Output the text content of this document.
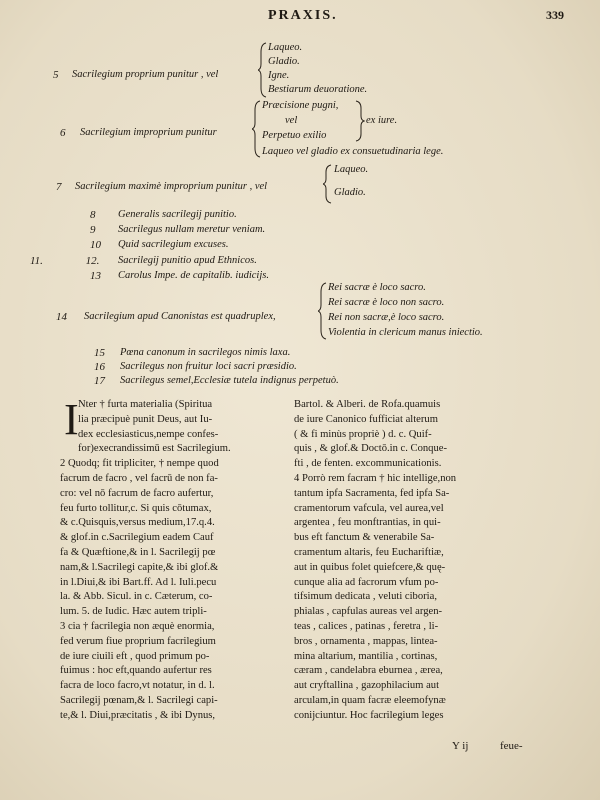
PRAXIS.	339
5 Sacrilegium proprium punitur , vel
Laqueo.
Gladio.
Igne.
Bestiarum deuoratione.
6 Sacrilegium improprium punitur
Præcisione pugni,
vel
Perpetuo exilio
Laqueo vel gladio ex consuetudinaria lege.
ex iure.
7 Sacrilegium maximè improprium punitur , vel
Laqueo.
Gladio.
8 Generalis sacrilegij punitio.
9 Sacrilegus nullam meretur veniam.
10 Quid sacrilegium excuses.
11. 12. Sacrilegij punitio apud Ethnicos.
13 Carolus Impe. de capitalib. iudicijs.
14 Sacrilegium apud Canonistas est quadruplex,
Rei sacræ è loco sacro.
Rei sacræ è loco non sacro.
Rei non sacræ,è loco sacro.
Violentia in clericum manus iniectio.
15 Pœna canonum in sacrilegos nimis laxa.
16 Sacrilegus non fruitur loci sacri præsidio.
17 Sacrilegus semel,Ecclesiæ tutela indignus perpetuò.
I Nter † furta materialia (Spiritua
lia præcipuè punit Deus, aut Iu-
dex ecclesiasticus,nempe confes-
for)execrandissimū est Sacrilegium.
2 Quodq; fit tripliciter, † nempe quod
facrum de facro , vel facrū de non fa-
cro: vel nō facrum de facro aufertur,
feu furto tollitur,c. Si quis cōtumax,
& c.Quisquis,versus medium,17.q.4.
& glof.in c.Sacrilegium eadem Cauf
fa & Quæftione,& in l. Sacrilegij pœ
nam,& l.Sacrilegi capite,& ibi glof.&
in l.Diui,& ibi Bart.ff. Ad l. Iuli.pecu
la. & Abb. Sicul. in c. Cæterum, co-
lum. 5. de Iudic. Hæc autem tripli-
3 cia † facrilegia non æquè enormia,
fed verum fiue proprium facrilegium
de iure ciuili eft , quod primum po-
fuimus : hoc eft,quando aufertur res
facra de loco facro,vt notatur, in d. l.
Sacrilegij pœnam,& l. Sacrilegi capi-
te,& l. Diui,præcitatis , & ibi Dynus,
Bartol. & Alberi. de Rofa.quamuis
de iure Canonico fufficiat alterum
( & fi minùs propriè ) d. c. Quif-
quis , & glof.& Doctō.in c. Conque-
fti , de fenten. excommunicationis.
4 Porrò rem facram † hic intellige,non
tantum ipfa Sacramenta, fed ipfa Sa-
cramentorum vafcula, vel aurea,vel
argentea , feu monftrantias, in qui-
bus eft fanctum & venerabile Sa-
cramentum altaris, feu Euchariftiæ,
aut in quibus folet quiefcere,& quę-
cunque alia ad facrorum vfum po-
tifsimum dedicata , veluti ciboria,
phialas , capfulas aureas vel argen-
teas , calices , patinas , feretra , li-
bros , ornamenta , mappas, lintea-
mina altarium, mantilia , cortinas,
cæram , candelabra eburnea , ærea,
aut cryftallina , gazophilacium aut
arculam,in quam facræ eleemofynæ
conijciuntur. Hoc facrilegium leges
Y ij	feue-
